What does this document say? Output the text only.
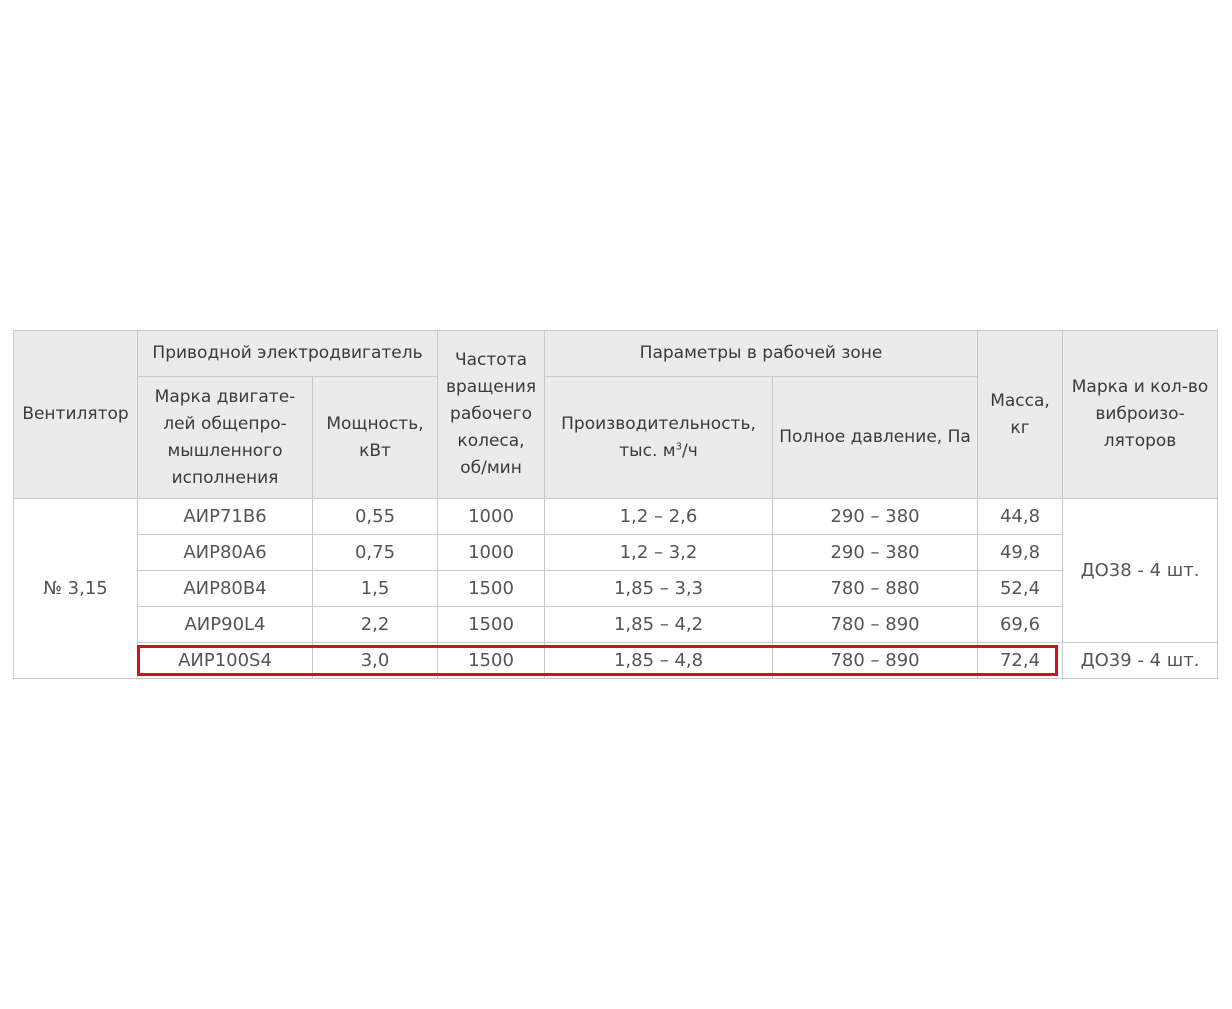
Вентилятор	Приводной электродвигатель		Частота вращения рабочего колеса, об/мин	Параметры в рабочей зоне		Масса, кг	Марка и кол-во виброизо-ляторов
	Марка двигате-лей общепро-мышленного исполнения	Мощность, кВт		Производительность, тыс. $м^3/ч$	Полное давление, Па		
№ 3,15	АИР71В6	0,55	1000	1,2 – 2,6	290 – 380	44,8	ДО38 - 4 шт.
	АИР80А6	0,75	1000	1,2 – 3,2	290 – 380	49,8	
	АИР80В4	1,5	1500	1,85 – 3,3	780 – 880	52,4	
	АИР90L4	2,2	1500	1,85 – 4,2	780 – 890	69,6	
	АИР100S4	3,0	1500	1,85 – 4,8	780 – 890	72,4	ДО39 - 4 шт.
